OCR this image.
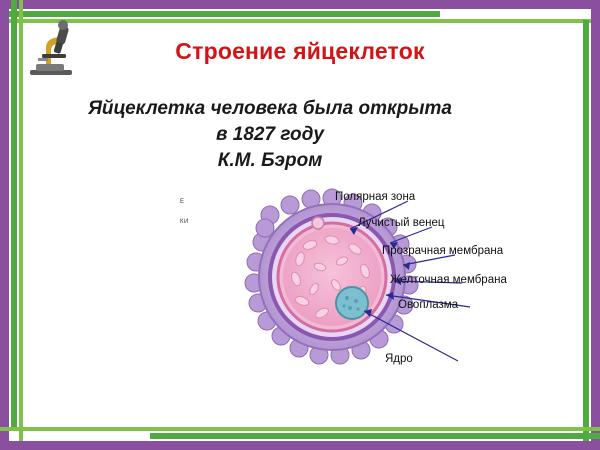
Строение яйцеклеток
Яйцеклетка человека была открыта
в 1827 году
К.М. Бэром
Е
КИ
Полярная зона
Лучистый венец
Прозрачная мембрана
Желточная мембрана
Овоплазма
Ядро
